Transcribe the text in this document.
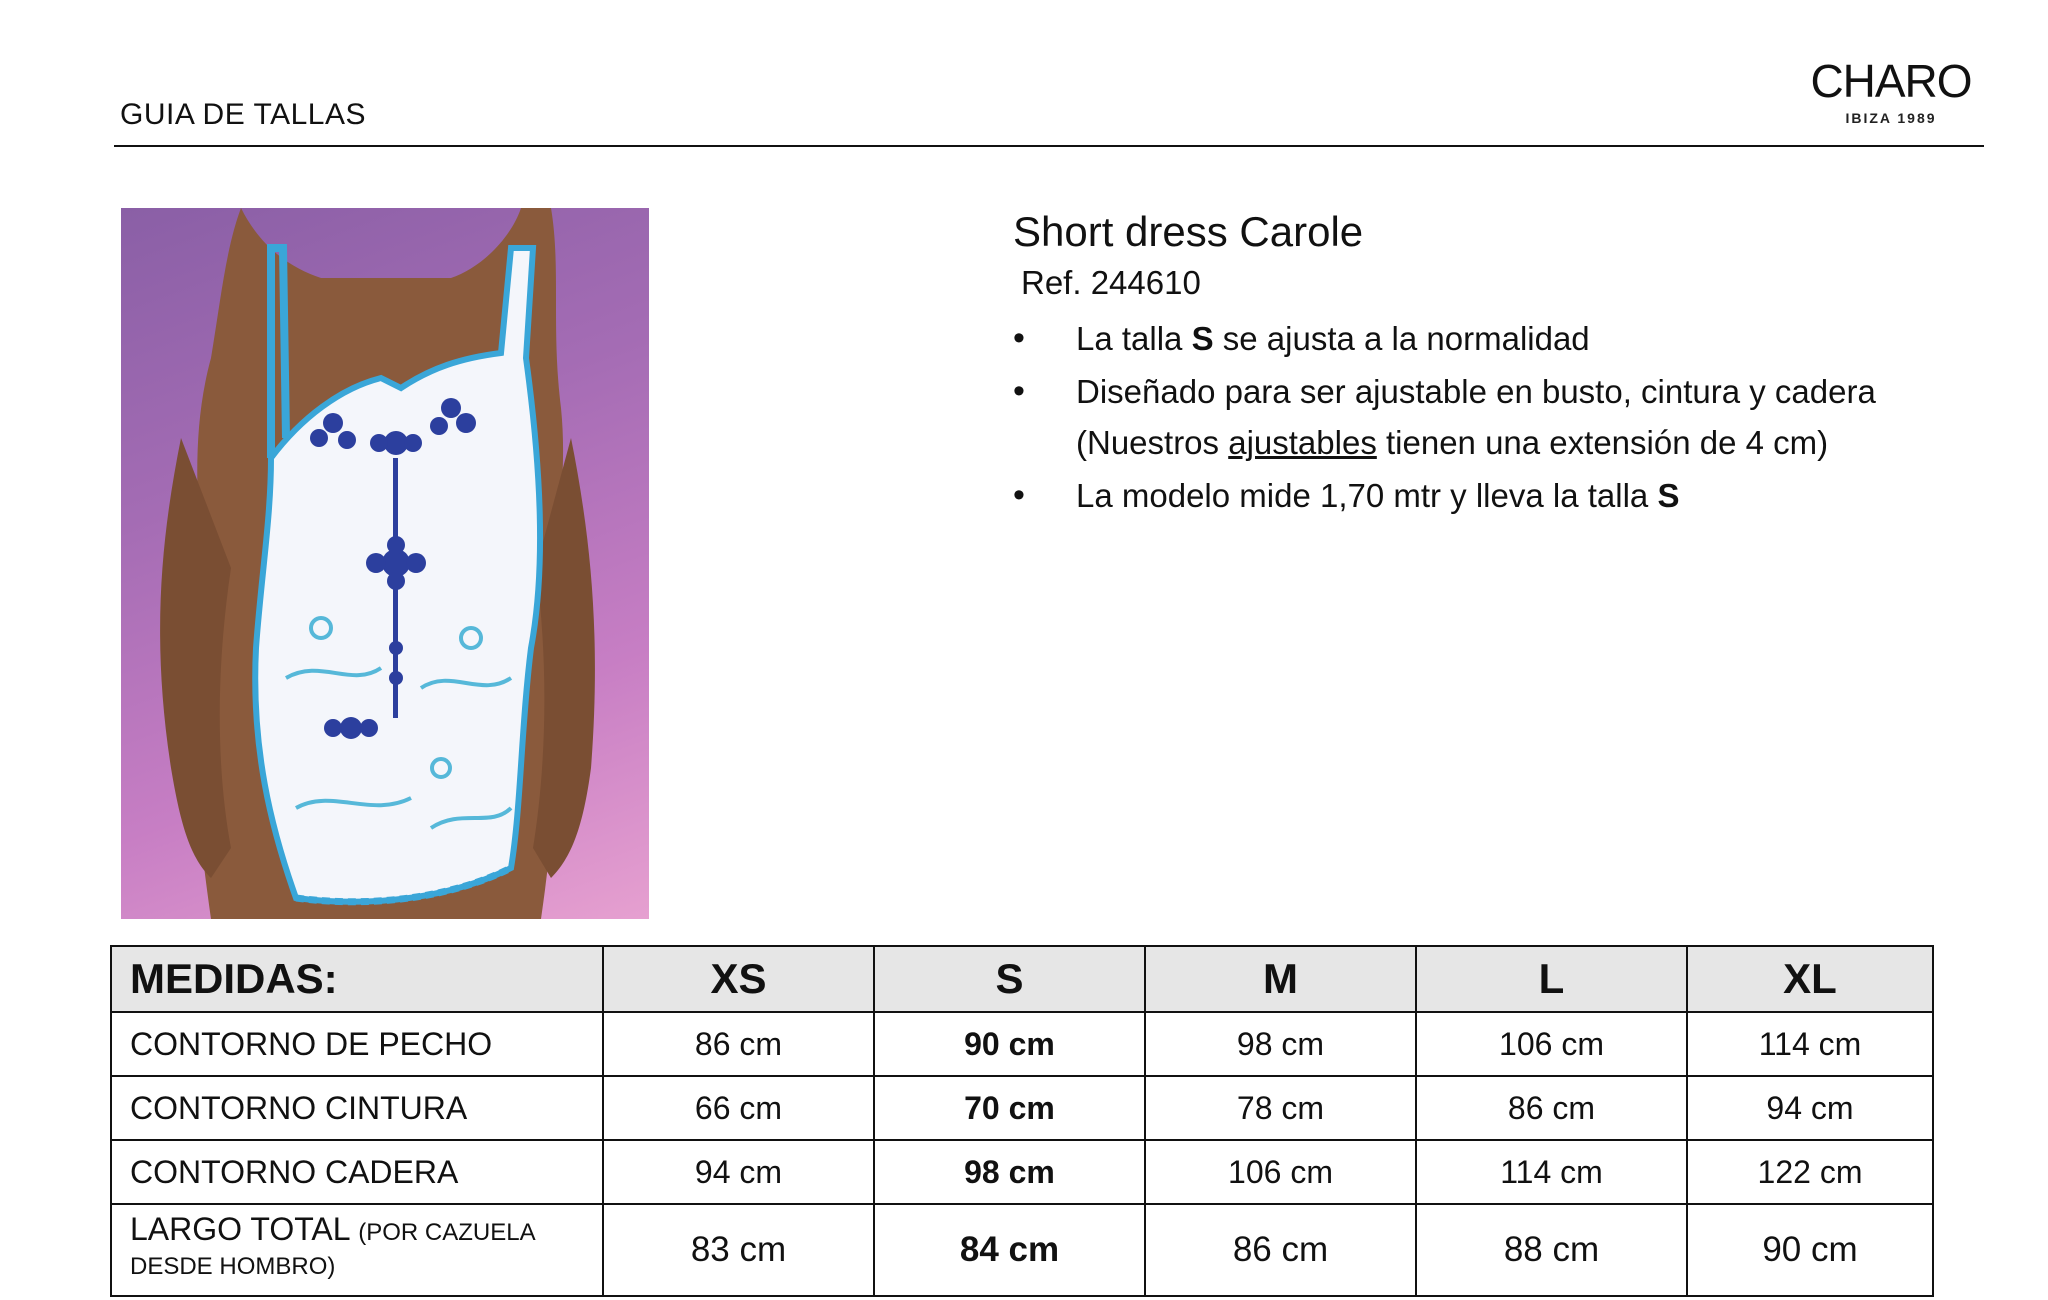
GUIA DE TALLAS
CHARO
IBIZA 1989
Short dress Carole
Ref. 244610
• La talla S se ajusta a la normalidad
• Diseñado para ser ajustable en busto, cintura y cadera
(Nuestros ajustables tienen una extensión de 4 cm)
• La modelo mide 1,70 mtr y lleva la talla S
MEDIDAS:	XS	S	M	L	XL
CONTORNO DE PECHO	86 cm	90 cm	98 cm	106 cm	114 cm
CONTORNO CINTURA	66 cm	70 cm	78 cm	86 cm	94 cm
CONTORNO CADERA	94 cm	98 cm	106 cm	114 cm	122 cm
LARGO TOTAL (POR CAZUELA
DESDE HOMBRO)	83 cm	84 cm	86 cm	88 cm	90 cm
